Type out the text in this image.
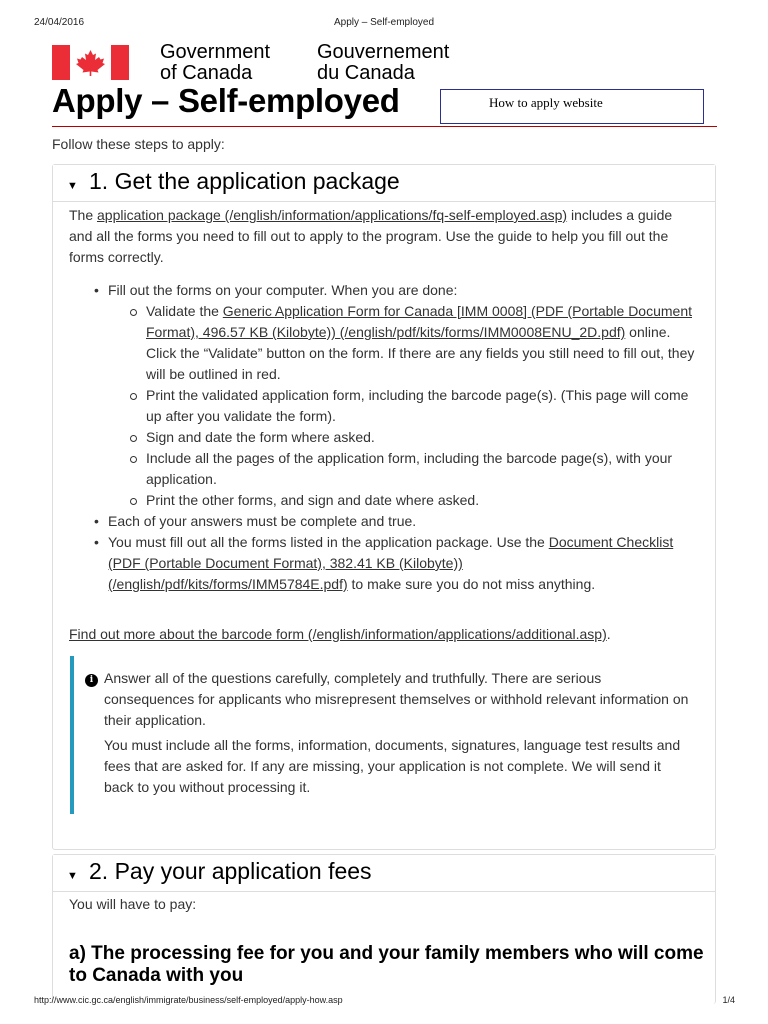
24/04/2016	Apply – Self-employed
Government
of Canada
Gouvernement
du Canada
Apply – Self-employed	How to apply website
Follow these steps to apply:
▼ 1. Get the application package
The application package (/english/information/applications/fq-self-employed.asp) includes a guide and all the forms you need to fill out to apply to the program. Use the guide to help you fill out the forms correctly.
• Fill out the forms on your computer. When you are done:
Validate the Generic Application Form for Canada [IMM 0008] (PDF (Portable Document Format), 496.57 KB (Kilobyte)) (/english/pdf/kits/forms/IMM0008ENU_2D.pdf) online. Click the “Validate” button on the form. If there are any fields you still need to fill out, they will be outlined in red.
Print the validated application form, including the barcode page(s). (This page will come up after you validate the form).
Sign and date the form where asked.
Include all the pages of the application form, including the barcode page(s), with your application.
Print the other forms, and sign and date where asked.
• Each of your answers must be complete and true.
• You must fill out all the forms listed in the application package. Use the Document Checklist (PDF (Portable Document Format), 382.41 KB (Kilobyte)) (/english/pdf/kits/forms/IMM5784E.pdf) to make sure you do not miss anything.
Find out more about the barcode form (/english/information/applications/additional.asp).
i Answer all of the questions carefully, completely and truthfully. There are serious consequences for applicants who misrepresent themselves or withhold relevant information on their application.
You must include all the forms, information, documents, signatures, language test results and fees that are asked for. If any are missing, your application is not complete. We will send it back to you without processing it.
▼ 2. Pay your application fees
You will have to pay:
a) The processing fee for you and your family members who will come to Canada with you
http://www.cic.gc.ca/english/immigrate/business/self-employed/apply-how.asp	1/4
